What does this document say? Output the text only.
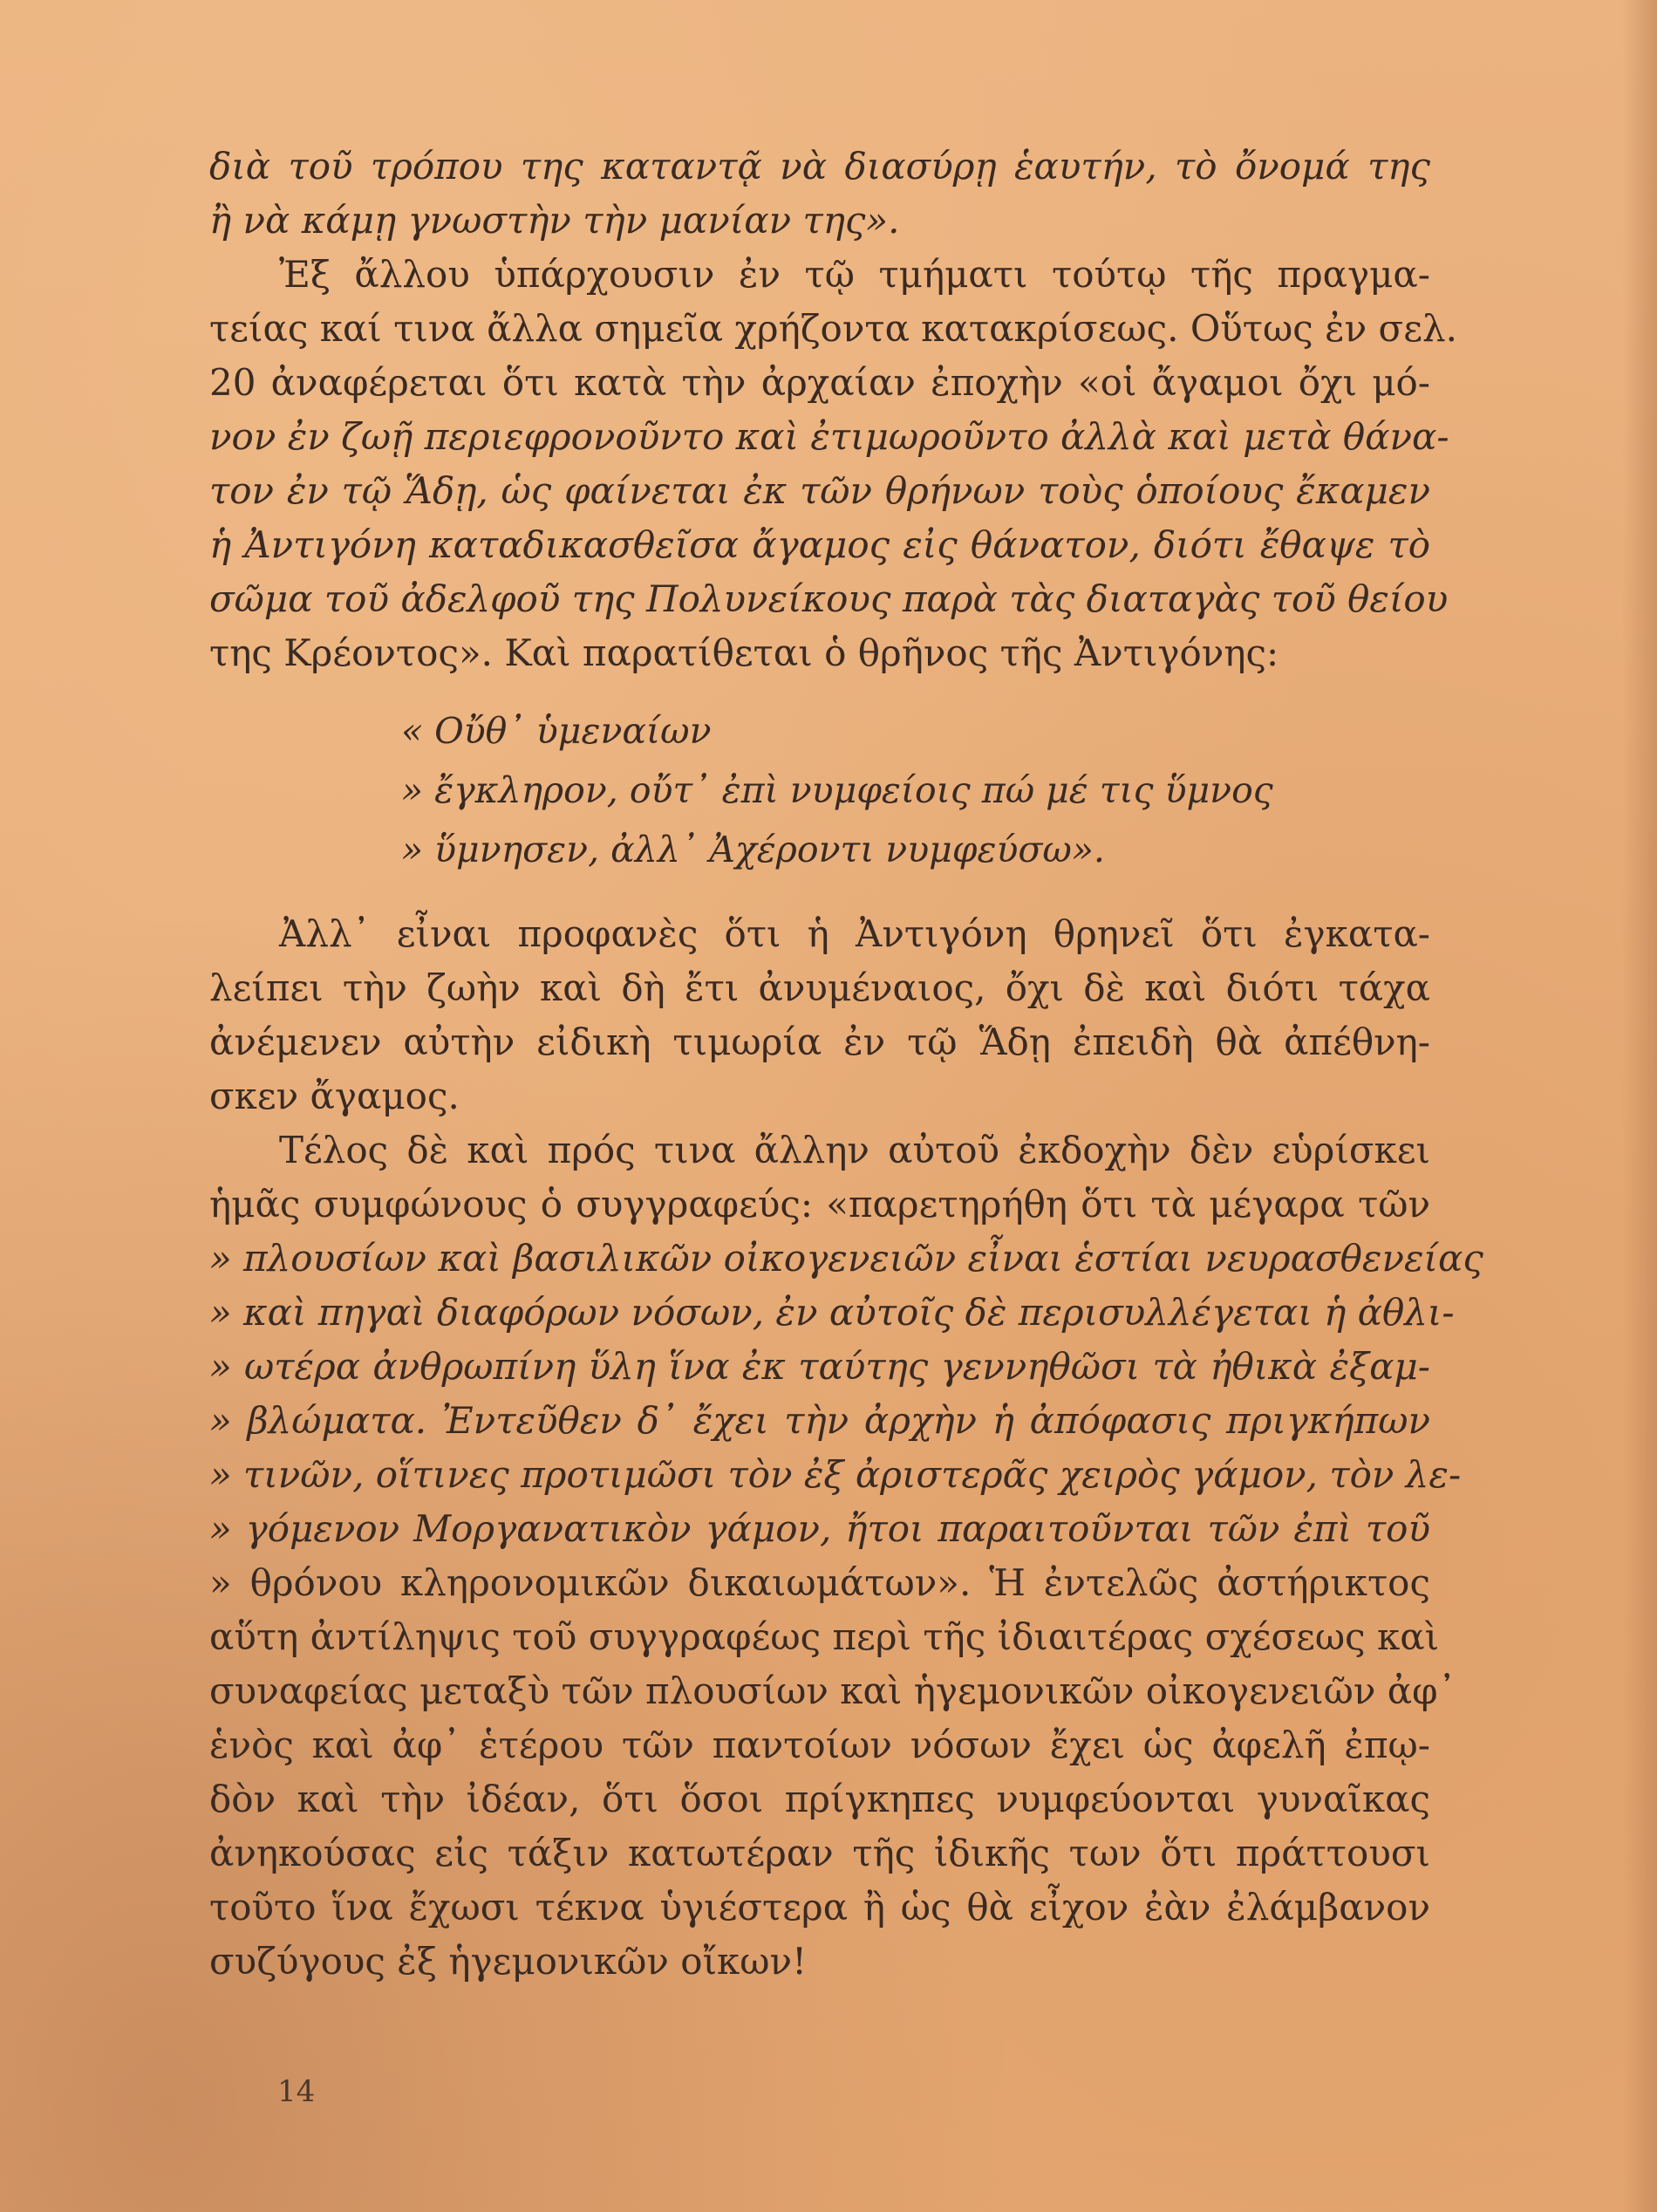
διὰ τοῦ τρόπου της καταντᾷ νὰ διασύρῃ ἑαυτήν, τὸ ὄνομά της
ἢ νὰ κάμῃ γνωστὴν τὴν μανίαν της».
Ἐξ ἄλλου ὑπάρχουσιν ἐν τῷ τμήματι τούτῳ τῆς πραγμα-
τείας καί τινα ἄλλα σημεῖα χρήζοντα κατακρίσεως. Οὕτως ἐν σελ.
20 ἀναφέρεται ὅτι κατὰ τὴν ἀρχαίαν ἐποχὴν «οἱ ἄγαμοι ὄχι μό-
νον ἐν ζωῇ περιεφρονοῦντο καὶ ἐτιμωροῦντο ἀλλὰ καὶ μετὰ θάνα-
τον ἐν τῷ Ἅδῃ, ὡς φαίνεται ἐκ τῶν θρήνων τοὺς ὁποίους ἔκαμεν
ἡ Ἀντιγόνη καταδικασθεῖσα ἄγαμος εἰς θάνατον, διότι ἔθαψε τὸ
σῶμα τοῦ ἀδελφοῦ της Πολυνείκους παρὰ τὰς διαταγὰς τοῦ θείου
της Κρέοντος». Καὶ παρατίθεται ὁ θρῆνος τῆς Ἀντιγόνης:
« Οὔθ᾽ ὑμεναίων
» ἔγκληρον, οὔτ᾽ ἐπὶ νυμφείοις πώ μέ τις ὕμνος
» ὕμνησεν, ἀλλ᾽ Ἀχέροντι νυμφεύσω».
Ἀλλ᾽ εἶναι προφανὲς ὅτι ἡ Ἀντιγόνη θρηνεῖ ὅτι ἐγκατα-
λείπει τὴν ζωὴν καὶ δὴ ἔτι ἀνυμέναιος, ὄχι δὲ καὶ διότι τάχα
ἀνέμενεν αὐτὴν εἰδικὴ τιμωρία ἐν τῷ Ἅδῃ ἐπειδὴ θὰ ἀπέθνη-
σκεν ἄγαμος.
Τέλος δὲ καὶ πρός τινα ἄλλην αὐτοῦ ἐκδοχὴν δὲν εὑρίσκει
ἡμᾶς συμφώνους ὁ συγγραφεύς: «παρετηρήθη ὅτι τὰ μέγαρα τῶν
» πλουσίων καὶ βασιλικῶν οἰκογενειῶν εἶναι ἑστίαι νευρασθενείας
» καὶ πηγαὶ διαφόρων νόσων, ἐν αὐτοῖς δὲ περισυλλέγεται ἡ ἀθλι-
» ωτέρα ἀνθρωπίνη ὕλη ἵνα ἐκ ταύτης γεννηθῶσι τὰ ἠθικὰ ἐξαμ-
» βλώματα. Ἐντεῦθεν δ᾽ ἔχει τὴν ἀρχὴν ἡ ἀπόφασις πριγκήπων
» τινῶν, οἵτινες προτιμῶσι τὸν ἐξ ἀριστερᾶς χειρὸς γάμον, τὸν λε-
» γόμενον Μοργανατικὸν γάμον, ἤτοι παραιτοῦνται τῶν ἐπὶ τοῦ
» θρόνου κληρονομικῶν δικαιωμάτων». Ἡ ἐντελῶς ἀστήρικτος
αὕτη ἀντίληψις τοῦ συγγραφέως περὶ τῆς ἰδιαιτέρας σχέσεως καὶ
συναφείας μεταξὺ τῶν πλουσίων καὶ ἡγεμονικῶν οἰκογενειῶν ἀφ᾽
ἑνὸς καὶ ἀφ᾽ ἑτέρου τῶν παντοίων νόσων ἔχει ὡς ἀφελῆ ἐπῳ-
δὸν καὶ τὴν ἰδέαν, ὅτι ὅσοι πρίγκηπες νυμφεύονται γυναῖκας
ἀνηκούσας εἰς τάξιν κατωτέραν τῆς ἰδικῆς των ὅτι πράττουσι
τοῦτο ἵνα ἔχωσι τέκνα ὑγιέστερα ἢ ὡς θὰ εἶχον ἐὰν ἐλάμβανον
συζύγους ἐξ ἡγεμονικῶν οἴκων!
14
